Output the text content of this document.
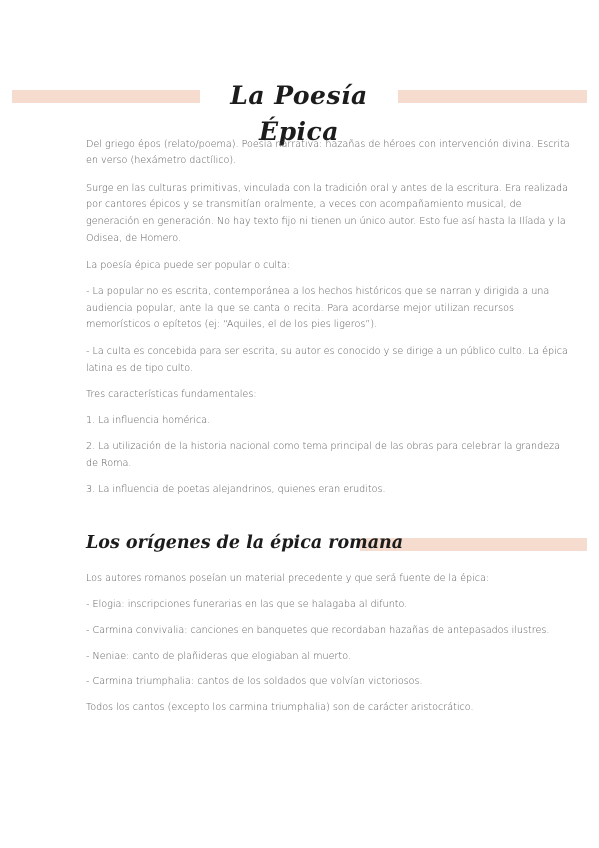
La Poesía Épica

Del griego épos (relato/poema). Poesía narrativa: hazañas de héroes con intervención divina. Escrita

en verso (hexámetro dactílico).

Surge en las culturas primitivas, vinculada con la tradición oral y antes de la escritura. Era realizada

por cantores épicos y se transmitían oralmente, a veces con acompañamiento musical, de

generación en generación. No hay texto fijo ni tienen un único autor. Esto fue así hasta la Ilíada y la

Odisea, de Homero.

La poesía épica puede ser popular o culta:

- La popular no es escrita, contemporánea a los hechos históricos que se narran y dirigida a una

audiencia popular, ante la que se canta o recita. Para acordarse mejor utilizan recursos

memorísticos o epítetos (ej: “Aquiles, el de los pies ligeros”).

- La culta es concebida para ser escrita, su autor es conocido y se dirige a un público culto. La épica

latina es de tipo culto.

Tres características fundamentales:

1. La influencia homérica.

2. La utilización de la historia nacional como tema principal de las obras para celebrar la grandeza

de Roma.

3. La influencia de poetas alejandrinos, quienes eran eruditos.

Los orígenes de la épica romana

Los autores romanos poseían un material precedente y que será fuente de la épica:

- Elogia: inscripciones funerarias en las que se halagaba al difunto.

- Carmina convivalia: canciones en banquetes que recordaban hazañas de antepasados ilustres.

- Neniae: canto de plañideras que elogiaban al muerto.

- Carmina triumphalia: cantos de los soldados que volvían victoriosos.

Todos los cantos (excepto los carmina triumphalia) son de carácter aristocrático.
